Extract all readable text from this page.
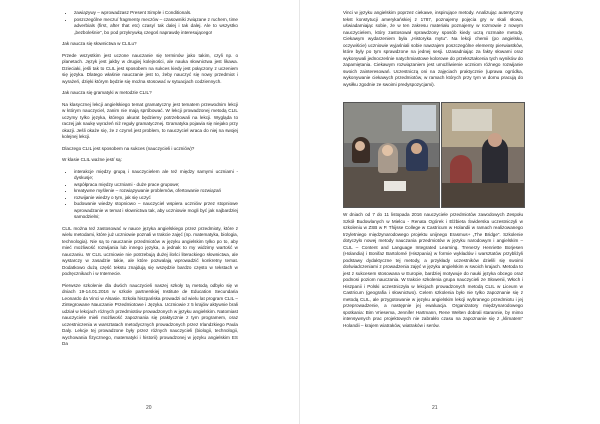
• zawiązywy – wprowadzasz Present Simple i Conditionals.
• poszczególne meczu/ fragmenty meczów – czasowniki związane z ruchem, time adverbials (first, after that etc) czasy/ tak dalej i tak dalej. Ale to wszystko „bezboleśnie”, bo pod przykrywką czegoś naprawdę interesującego!

Jak naucza się słownictwa w CLILu?

Przede wszystkim jest uczone nauczanie się terminów jako takim, czyli np. o planetach. Język jest jakby w drugiej kolejności, ale nauka słownictwa jest likawa. Dzieciaki, jeśli tak to CLIL jest sposobem na sukces kiedy jest połączony z uczeniem się języka. Dlatego właśnie nauczanie jest to, żeby nauczyć się nowy przedmiot i wyrażeń, dzięki którym będzie się można stosować w sytuacjach codziennych.

Jak naucza się gramatyki w metodzie CLIL?

Na klasycznej lekcji angielskiego temat gramatyczny jest tematem przewodnim lekcji w którym nauczyciel, zanim nie mają spróbować. W lekcji prowadzonej metodą CLIL uczymy tylko języka, którego akurat będziemy potrzebowali na lekcji. Wygląda to raczej jak naukę wyrażeń niż reguły gramatycznej. Gramatyka pojawia się niejako przy okazji. Jeśli okaże się, że z czymś jest problem, to nauczyciel wraca do niej na swojej kolejnej lekcji.

Dlaczego CLIL jest sposobem na sukces (nauczycieli i uczniów)?

W klasie CLIL ważne jest/ są:

• interakcje między grupą i nauczycielem ale też między samymi uczniami - dyskusje;
• współpraca między uczniami - duże prace grupowe;
• kreatywne myślenie – rozwiązywanie problemów, ofertowanie rozwiązań
• rozwijanie wiedzy o tym, jak się uczyć
• budowanie wiedzy stopniowo – nauczyciel wspiera uczniów przez stopniowe wprowadzanie w temat i słownictwa tak, aby uczniowie mogli być jak najbardziej samodzielni;

CLIL można też zastosować w nauce języka angielskiego przez przedmioty, które z wielu metodami, które już uczniowie poznali w trakcie zajęć (np. matematyka, biologia, technologia). Nie są to nauczanie przedmiotów w języku angielskim tylko po to, aby mieć możliwość rozwijania lub innego języka, a jednak to my widzimy wartość w nauczaniu. W CLIL uczniowie nie potrzebują dużej ilości literackiego słownictwa, ale wystarczy w zasadzie takie, ale które pozwalają wprowadzić konkretny temat. Dodatkowo dużą część tekstu znajdują się wszędzie bardzo często w tekstach w podręcznikach i w Internecie.

Pierwsze szkolenie dla dwóch nauczycieli naszej szkoły tą metodą odbyło się w dniach 19-14.01.2016 w szkole partnerskiej Institute de Education Secundaria Leonardo da Vinci w Alsasie. Szkoła hiszpańska prowadzi od wielu lat program CLIL – Zintegrowane Nauczanie Przedmiotowe i Języka. Uczniowie z 5 krajów aktywnie brali udział w lekcjach różnych przedmiotów prowadzonych w języku angielskim. Natomiast nauczyciele mieli możliwość zapoznania się praktycznie z tym programem, oraz uczestniczenia w warsztatach metodycznych prowadzonych przez Irlandzkiego Paula Daly. Lekcje tej prowadzone były przez różnych nauczycieli (biologii, technologii, wychowania fizycznego, matematyki i historii) prowadzonej w języku angielskim ES Da

20

Vinci w języku angielskim poprzez ciekawe, inspirujące metody. Analizując autentyczny tekst konstytucji amerykańskiej z 1787, poznajemy pojęcia gry w skali słowa, uświadamiając sobie, że w ten zakresu materiału poznajemy w rozmowie z nowym nauczycielem, który zastosował sprawdzony sposób kiedy uczą rozmaite metody. Ciekawym wydarzeniem była „Historyka mytu”. Na lekcji chemii (po angielsku, oczywiście) uczniowie wyjaśniali sobie nawzajem poszczególne elementy pierwiastków, które były po tym sprawdzone na jednej sesji. Uzasadniając za fakty słowami oraz wykonywali jednocześnie natychmiastowe kolorowe do przekształcenia tych wyników do zapamiętania. Ciekawym rozwiązaniem jest umożliwienie uczniom różnego rozwijanie swoich zainteresowań. Uczestniczą oni na zajęciach praktycznie (uprawa ogródka, wykonywanie ciekawych przedmiotów, w ramach których przy tym w domu pracują do wysiłku zgodnie ze swoimi predyspozycjami).

W dniach od 7 do 11 listopada 2016 nauczyciele przedmiotów zawodowych Zespołu Szkół Budowlanych w Mielcu - Renata Ogórek i Elżbieta Świderska uczestniczyli w szkoleniu w ZSB w P. Thijsse College w Castricum w Holandii w ramach realizowanego trzyletniego międzynarodowego projektu unijnego Erasmus+ „The Bridge”. Szkolenie dotyczyło nowej metody nauczania przedmiotów w języku narodowym i angielskim –CLIL – Content and Language Integrated Learning. Trenerzy Henriette Borjesen (Holandia) i Bonifaz Bartolomé (Hiszpania) w formie wykładów i warsztatów przybliżyli podstawy dydaktyczne tej metody, a przykłady uczestników dzielili się swoimi doświadczeniami z prowadzenia zajęć w języku angielskim w swoich krajach. Metoda to jest z sukcesem stosowana w Europie, bardziej motywuje do nauki języka obcego oraz podnosi poziom nauczania. W trakcie szkolenia grupa nauczycieli ze Słowenii, Włoch i Hiszpanii i Polski uczestniczyła w lekcjach prowadzonych metodą CLIL w Liceum w Castricum (geografia i słownictwo). Celem szkolenia było nie tylko zapoznanie się z metodą CLIL, ale przygotowanie w języku angielskim lekcji wybranego przedmiotu i jej przeprowadzenie, a następnie jej ewaluacja. Organizatory międzynarodowego spotkania: Bim Vriesema, Jennifer Hartmann, Rene Welten dobrali starannie, by mimo intensywnych prac projektowych nie zabrakło czasu na zapoznanie się z „klimatem” Holandii – krajem wiatraków, wiatraków i serów.

21
